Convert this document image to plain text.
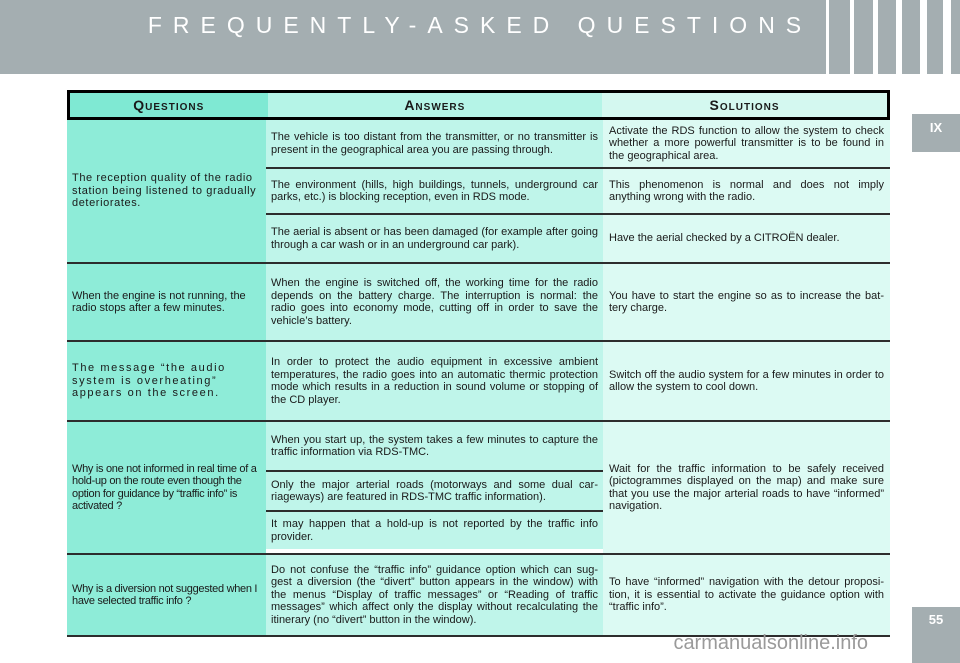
FREQUENTLY-ASKED QUESTIONS
IX
55
Questions	Answers	Solutions
The reception quality of the radio station being listened to gradually deteriorates.
The vehicle is too distant from the transmitter, or no transmitter is present in the geographical area you are passing through.
Activate the RDS function to allow the system to check whether a more powerful transmitter is to be found in the geographical area.
The environment (hills, high buildings, tunnels, underground car parks, etc.) is blocking reception, even in RDS mode.
This phenomenon is normal and does not imply anything wrong with the radio.
The aerial is absent or has been damaged (for example after going through a car wash or in an underground car park).
Have the aerial checked by a CITROËN dealer.
When the engine is not running, the radio stops after a few minutes.
When the engine is switched off, the working time for the radio depends on the battery charge. The interruption is normal: the radio goes into economy mode, cutting off in order to save the vehicle’s battery.
You have to start the engine so as to increase the bat-tery charge.
The message “the audio system is overheating” appears on the screen.
In order to protect the audio equipment in excessive ambient temperatures, the radio goes into an automatic thermic protection mode which results in a reduction in sound volume or stopping of the CD player.
Switch off the audio system for a few minutes in order to allow the system to cool down.
Why is one not informed in real time of a hold-up on the route even though the option for guidance by “traffic info” is activated ?
When you start up, the system takes a few minutes to capture the traffic information via RDS-TMC.
Only the major arterial roads (motorways and some dual car-riageways) are featured in RDS-TMC traffic information).
It may happen that a hold-up is not reported by the traffic info provider.
Wait for the traffic information to be safely received (pictogrammes displayed on the map) and make sure that you use the major arterial roads to have “informed” navigation.
Why is a diversion not suggested when I have selected traffic info ?
Do not confuse the “traffic info” guidance option which can sug-gest a diversion (the “divert” button appears in the window) with the menus “Display of traffic messages” or “Reading of traffic messages” which affect only the display without recalculating the itinerary (no “divert” button in the window).
To have “informed” navigation with the detour proposi-tion, it is essential to activate the guidance option with “traffic info”.
carmanualsonline.info
